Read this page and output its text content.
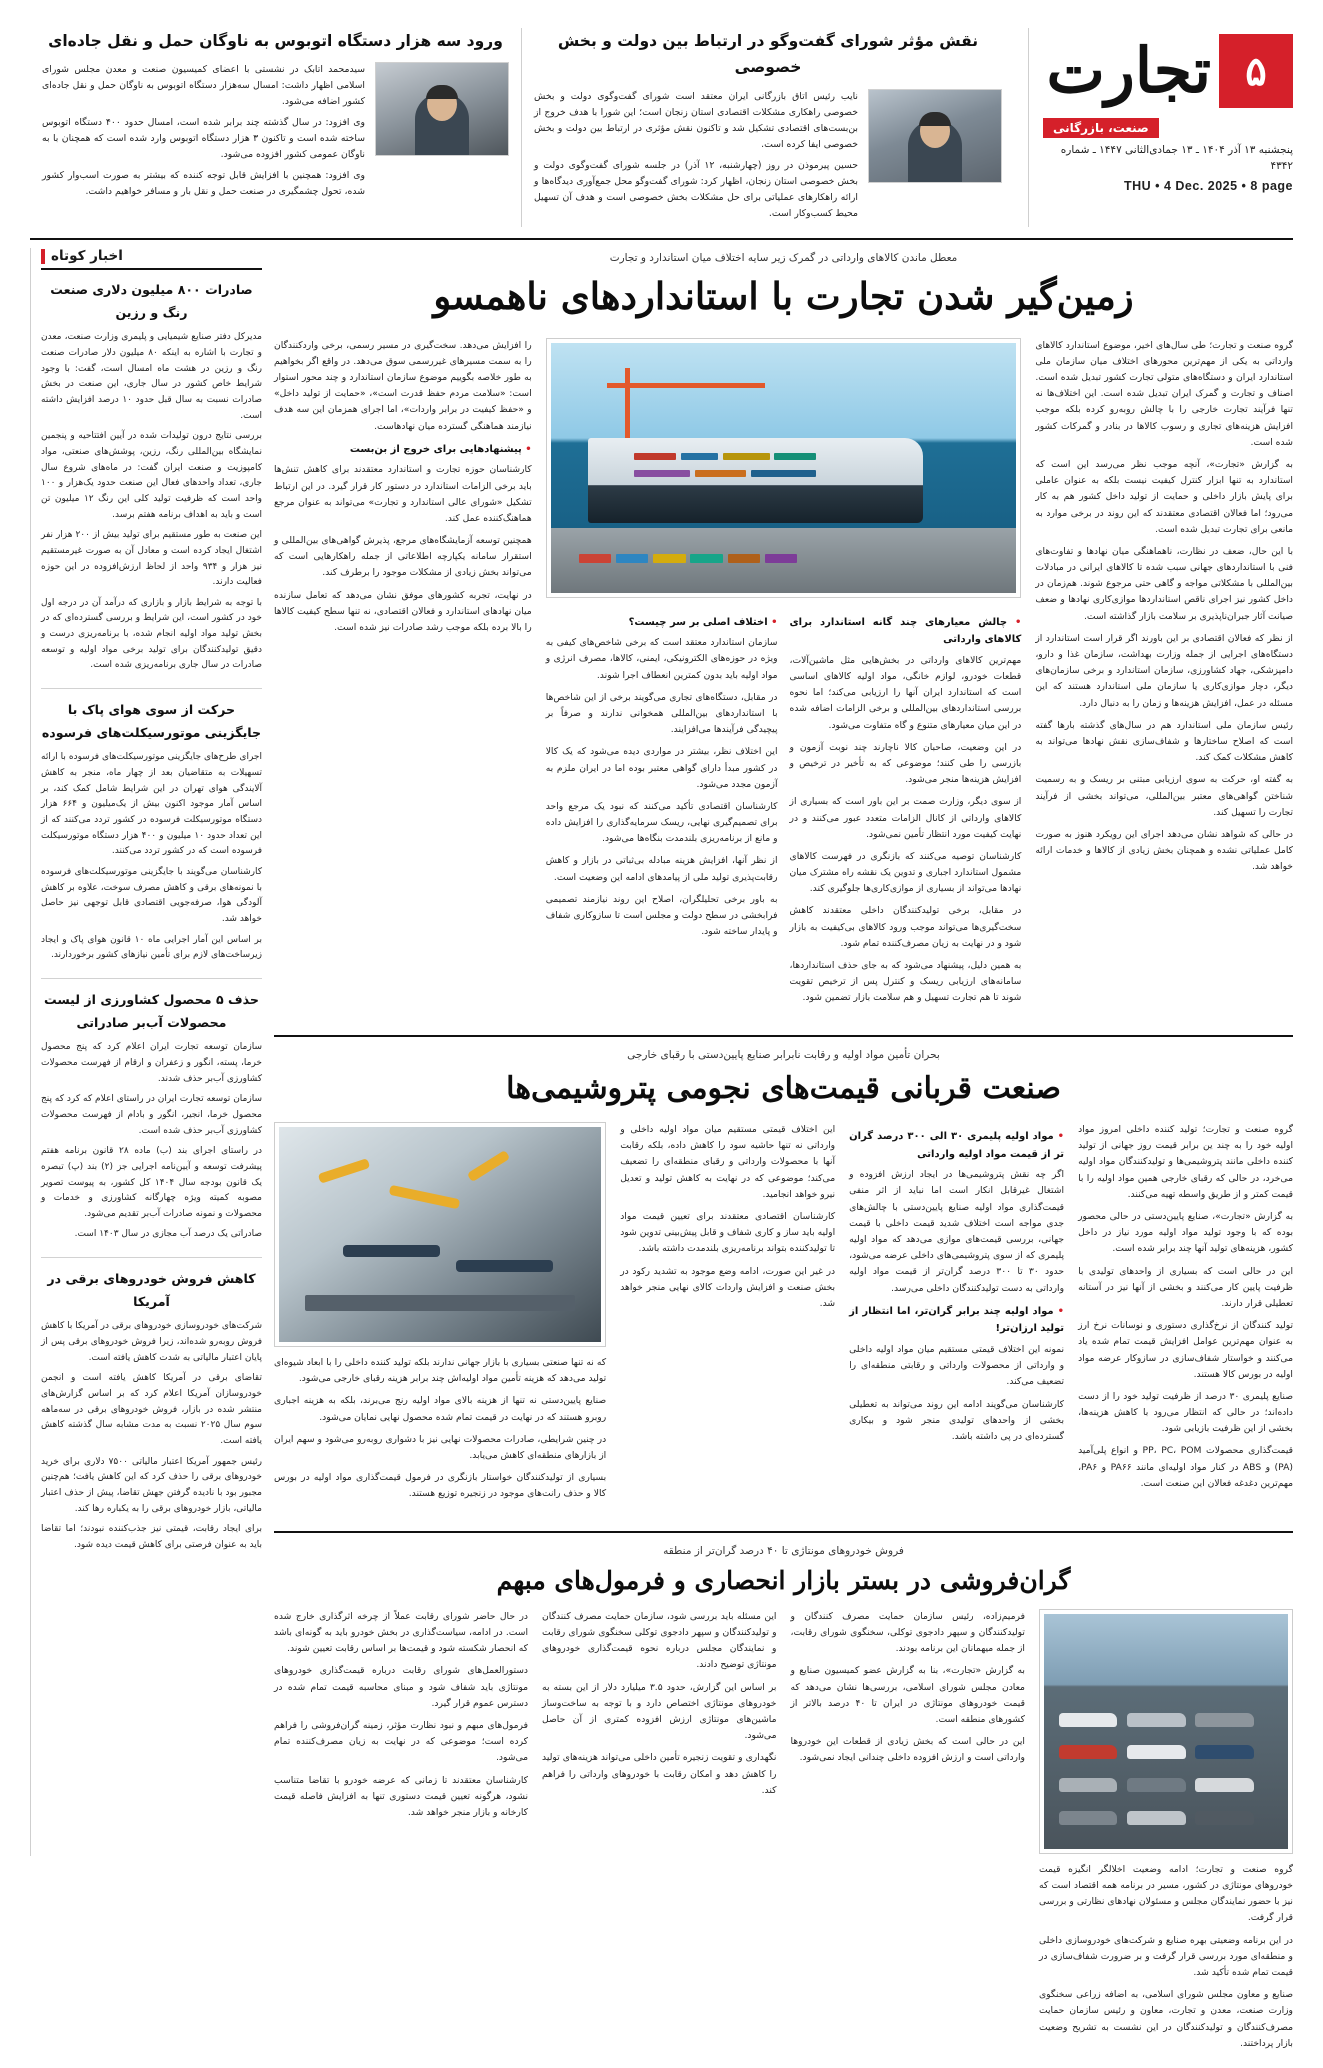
تجارت ۵
صنعت، بازرگانی
پنجشنبه ۱۳ آذر ۱۴۰۴ ـ ۱۳ جمادی‌الثانی ۱۴۴۷ ـ شماره ۴۳۴۲
THU • 4 Dec. 2025 • 8 page
نقش مؤثر شورای گفت‌وگو در ارتباط بین دولت و بخش خصوصی

نایب رئیس اتاق بازرگانی ایران معتقد است شورای گفت‌وگوی دولت و بخش خصوصی راهکاری مشکلات اقتصادی استان زنجان است؛ این شورا با هدف خروج از بن‌بست‌های اقتصادی تشکیل شد و تاکنون نقش مؤثری در ارتباط بین دولت و بخش خصوصی ایفا کرده است.

حسین پیرموذن در روز (چهارشنبه، ۱۲ آذر) در جلسه شورای گفت‌وگوی دولت و بخش خصوصی استان زنجان، اظهار کرد: شورای گفت‌وگو محل جمع‌آوری دیدگاه‌ها و ارائه راهکارهای عملیاتی برای حل مشکلات بخش خصوصی است و هدف آن تسهیل محیط کسب‌وکار است.

ورود سه هزار دستگاه اتوبوس به ناوگان حمل و نقل جاده‌ای

سیدمحمد اتابک در نشستی با اعضای کمیسیون صنعت و معدن مجلس شورای اسلامی اظهار داشت: امسال سه‌هزار دستگاه اتوبوس به ناوگان حمل و نقل جاده‌ای کشور اضافه می‌شود.

وی افزود: در سال گذشته چند برابر شده است، امسال حدود ۴۰۰ دستگاه اتوبوس ساخته شده است و تاکنون ۳ هزار دستگاه اتوبوس وارد شده است که همچنان با به ناوگان عمومی کشور افزوده می‌شود.

وی افزود: همچنین با افزایش قابل توجه کننده که بیشتر به صورت اسب‌وار کشور شده، تحول چشمگیری در صنعت حمل و نقل بار و مسافر خواهیم داشت.

اخبار کوتاه
صادرات ۸۰۰ میلیون دلاری صنعت رنگ و رزین

مدیرکل دفتر صنایع شیمیایی و پلیمری وزارت صنعت، معدن و تجارت با اشاره به اینکه ۸۰ میلیون دلار صادرات صنعت رنگ و رزین در هشت ماه امسال است، گفت: با وجود شرایط خاص کشور در سال جاری، این صنعت در بخش صادرات نسبت به سال قبل حدود ۱۰ درصد افزایش داشته است.

بررسی نتایج درون تولیدات شده در آیین افتتاحیه و پنجمین نمایشگاه بین‌المللی رنگ، رزین، پوشش‌های صنعتی، مواد کامپوزیت و صنعت ایران گفت: در ماه‌های شروع سال جاری، تعداد واحدهای فعال این صنعت حدود یک‌هزار و ۱۰۰ واحد است که ظرفیت تولید کلی این رنگ ۱۲ میلیون تن است و باید به اهداف برنامه هفتم برسد.

این صنعت به طور مستقیم برای تولید بیش از ۲۰۰ هزار نفر اشتغال ایجاد کرده است و معادل آن به صورت غیرمستقیم نیز هزار و ۹۳۴ واحد از لحاظ ارزش‌افزوده در این حوزه فعالیت دارند.

با توجه به شرایط بازار و بازاری که درآمد آن در درجه اول خود در کشور است، این شرایط و بررسی گسترده‌ای که در بخش تولید مواد اولیه انجام شده، با برنامه‌ریزی درست و دقیق تولیدکنندگان برای تولید برخی مواد اولیه و توسعه صادرات در سال جاری برنامه‌ریزی شده است.

حرکت از سوی هوای پاک با جایگزینی موتورسیکلت‌های فرسوده

اجرای طرح‌های جایگزینی موتورسیکلت‌های فرسوده با ارائه تسهیلات به متقاضیان بعد از چهار ماه، منجر به کاهش آلایندگی هوای تهران در این شرایط شامل کمک کند، بر اساس آمار موجود اکنون بیش از یک‌میلیون و ۶۶۴ هزار دستگاه موتورسیکلت فرسوده در کشور تردد می‌کنند که از این تعداد حدود ۱۰ میلیون و ۴۰۰ هزار دستگاه موتورسیکلت فرسوده است که در کشور تردد می‌کنند.

کارشناسان می‌گویند با جایگزینی موتورسیکلت‌های فرسوده با نمونه‌های برقی و کاهش مصرف سوخت، علاوه بر کاهش آلودگی هوا، صرفه‌جویی اقتصادی قابل توجهی نیز حاصل خواهد شد.

بر اساس این آمار اجرایی ماه ۱۰ قانون هوای پاک و ایجاد زیرساخت‌های لازم برای تأمین نیازهای کشور برخوردارند.

حذف ۵ محصول کشاورزی از لیست محصولات آب‌بر صادراتی

سازمان توسعه تجارت ایران اعلام کرد که پنج محصول خرما، پسته، انگور و زعفران و ارقام از فهرست محصولات کشاورزی آب‌بر حذف شدند.

سازمان توسعه تجارت ایران در راستای اعلام که کرد که پنج محصول خرما، انجیر، انگور و بادام از فهرست محصولات کشاورزی آب‌بر حذف شده است.

در راستای اجرای بند (ب) ماده ۲۸ قانون برنامه هفتم پیشرفت توسعه و آیین‌نامه اجرایی جز (۲) بند (پ) تبصره یک قانون بودجه سال ۱۴۰۴ کل کشور، به پیوست تصویر مصوبه کمیته ویژه چهارگانه کشاورزی و خدمات و محصولات و نمونه صادرات آب‌بر تقدیم می‌شود.

صادراتی یک درصد آب مجازی در سال ۱۴۰۳ است.

کاهش فروش خودروهای برقی در آمریکا

شرکت‌های خودروسازی خودروهای برقی در آمریکا با کاهش فروش روبه‌رو شده‌اند، زیرا فروش خودروهای برقی پس از پایان اعتبار مالیاتی به شدت کاهش یافته است.

تقاضای برقی در آمریکا کاهش یافته است و انجمن خودروسازان آمریکا اعلام کرد که بر اساس گزارش‌های منتشر شده در بازار، فروش خودروهای برقی در سه‌ماهه سوم سال ۲۰۲۵ نسبت به مدت مشابه سال گذشته کاهش یافته است.

رئیس جمهور آمریکا اعتبار مالیاتی ۷۵۰۰ دلاری برای خرید خودروهای برقی را حذف کرد که این کاهش یافت؛ هم‌چنین مجبور بود با نادیده گرفتن جهش تقاضا، پیش از حذف اعتبار مالیاتی، بازار خودروهای برقی را به یکباره رها کند.

برای ایجاد رقابت، قیمتی نیز جذب‌کننده نبودند؛ اما تقاضا باید به عنوان فرصتی برای کاهش قیمت دیده شود.

معطل ماندن کالاهای وارداتی در گمرک زیر سایه اختلاف میان استاندارد و تجارت
زمین‌گیر شدن تجارت با استانداردهای ناهمسو

گروه صنعت و تجارت؛ طی سال‌های اخیر، موضوع استاندارد کالاهای وارداتی به یکی از مهم‌ترین محورهای اختلاف میان سازمان ملی استاندارد ایران و دستگاه‌های متولی تجارت کشور تبدیل شده است. اصناف و تجارت و گمرک ایران تبدیل شده است. این اختلاف‌ها نه تنها فرآیند تجارت خارجی را با چالش روبه‌رو کرده بلکه موجب افزایش هزینه‌های تجاری و رسوب کالاها در بنادر و گمرکات کشور شده است.

به گزارش «تجارت»، آنچه موجب نظر می‌رسد این است که استاندارد به تنها ابزار کنترل کیفیت نیست بلکه به عنوان عاملی برای پایش بازار داخلی و حمایت از تولید داخل کشور هم به کار می‌رود؛ اما فعالان اقتصادی معتقدند که این روند در برخی موارد به مانعی برای تجارت تبدیل شده است.

با این حال، ضعف در نظارت، ناهماهنگی میان نهادها و تفاوت‌های فنی با استانداردهای جهانی سبب شده تا کالاهای ایرانی در مبادلات بین‌المللی با مشکلاتی مواجه و گاهی حتی مرجوع شوند. هم‌زمان در داخل کشور نیز اجرای ناقص استانداردها موازی‌کاری نهادها و ضعف صیانت آثار جبران‌ناپذیری بر سلامت بازار گذاشته است.

از نظر که فعالان اقتصادی بر این باورند اگر قرار است استاندارد از دستگاه‌های اجرایی از جمله وزارت بهداشت، سازمان غذا و دارو، دامپزشکی، جهاد کشاورزی، سازمان استاندارد و برخی سازمان‌های دیگر، دچار موازی‌کاری یا سازمان ملی استاندارد هستند که این مسئله در عمل، افزایش هزینه‌ها و زمان را به دنبال دارد.

رئیس سازمان ملی استاندارد هم در سال‌های گذشته بارها گفته است که اصلاح ساختارها و شفاف‌سازی نقش نهادها می‌تواند به کاهش مشکلات کمک کند.

به گفته او، حرکت به سوی ارزیابی مبتنی بر ریسک و به رسمیت شناختن گواهی‌های معتبر بین‌المللی، می‌تواند بخشی از فرآیند تجارت را تسهیل کند.

در حالی که شواهد نشان می‌دهد اجرای این رویکرد هنوز به صورت کامل عملیاتی نشده و همچنان بخش زیادی از کالاها و خدمات ارائه خواهد شد.

• چالش معیارهای چند گانه استاندارد برای کالاهای وارداتی

مهم‌ترین کالاهای وارداتی در بخش‌هایی مثل ماشین‌آلات، قطعات خودرو، لوازم خانگی، مواد اولیه کالاهای اساسی است که استاندارد ایران آنها را ارزیابی می‌کند؛ اما نحوه بررسی استانداردهای بین‌المللی و برخی الزامات اضافه شده در این میان معیارهای متنوع و گاه متفاوت می‌شود.

در این وضعیت، صاحبان کالا ناچارند چند نوبت آزمون و بازرسی را طی کنند؛ موضوعی که به تأخیر در ترخیص و افزایش هزینه‌ها منجر می‌شود.

از سوی دیگر، وزارت صمت بر این باور است که بسیاری از کالاهای وارداتی از کانال الزامات متعدد عبور می‌کنند و در نهایت کیفیت مورد انتظار تأمین نمی‌شود.

کارشناسان توصیه می‌کنند که بازنگری در فهرست کالاهای مشمول استاندارد اجباری و تدوین یک نقشه راه مشترک میان نهادها می‌تواند از بسیاری از موازی‌کاری‌ها جلوگیری کند.

در مقابل، برخی تولیدکنندگان داخلی معتقدند کاهش سخت‌گیری‌ها می‌تواند موجب ورود کالاهای بی‌کیفیت به بازار شود و در نهایت به زیان مصرف‌کننده تمام شود.

به همین دلیل، پیشنهاد می‌شود که به جای حذف استانداردها، سامانه‌های ارزیابی ریسک و کنترل پس از ترخیص تقویت شوند تا هم تجارت تسهیل و هم سلامت بازار تضمین شود.

• اختلاف اصلی بر سر چیست؟

سازمان استاندارد معتقد است که برخی شاخص‌های کیفی به ویژه در حوزه‌های الکترونیکی، ایمنی، کالاها، مصرف انرژی و مواد اولیه باید بدون کمترین انعطاف اجرا شوند.

در مقابل، دستگاه‌های تجاری می‌گویند برخی از این شاخص‌ها با استانداردهای بین‌المللی همخوانی ندارند و صرفاً بر پیچیدگی فرآیندها می‌افزایند.

این اختلاف نظر، بیشتر در مواردی دیده می‌شود که یک کالا در کشور مبدأ دارای گواهی معتبر بوده اما در ایران ملزم به آزمون مجدد می‌شود.

کارشناسان اقتصادی تأکید می‌کنند که نبود یک مرجع واحد برای تصمیم‌گیری نهایی، ریسک سرمایه‌گذاری را افزایش داده و مانع از برنامه‌ریزی بلندمدت بنگاه‌ها می‌شود.

از نظر آنها، افزایش هزینه مبادله بی‌ثباتی در بازار و کاهش رقابت‌پذیری تولید ملی از پیامدهای ادامه این وضعیت است.

به باور برخی تحلیلگران، اصلاح این روند نیازمند تصمیمی فرابخشی در سطح دولت و مجلس است تا سازوکاری شفاف و پایدار ساخته شود.

را افزایش می‌دهد. سخت‌گیری در مسیر رسمی، برخی واردکنندگان را به سمت مسیرهای غیررسمی سوق می‌دهد. در واقع اگر بخواهیم به طور خلاصه بگوییم موضوع سازمان استاندارد و چند محور استوار است: «سلامت مردم حفظ قدرت است»، «حمایت از تولید داخل» و «حفظ کیفیت در برابر واردات»، اما اجرای همزمان این سه هدف نیازمند هماهنگی گسترده میان نهادهاست.

• پیشنهادهایی برای خروج از بن‌بست

کارشناسان حوزه تجارت و استاندارد معتقدند برای کاهش تنش‌ها باید برخی الزامات استاندارد در دستور کار قرار گیرد. در این ارتباط تشکیل «شورای عالی استاندارد و تجارت» می‌تواند به عنوان مرجع هماهنگ‌کننده عمل کند.

همچنین توسعه آزمایشگاه‌های مرجع، پذیرش گواهی‌های بین‌المللی و استقرار سامانه یکپارچه اطلاعاتی از جمله راهکارهایی است که می‌تواند بخش زیادی از مشکلات موجود را برطرف کند.

در نهایت، تجربه کشورهای موفق نشان می‌دهد که تعامل سازنده میان نهادهای استاندارد و فعالان اقتصادی، نه تنها سطح کیفیت کالاها را بالا برده بلکه موجب رشد صادرات نیز شده است.

بحران تأمین مواد اولیه و رقابت نابرابر صنایع پایین‌دستی با رقبای خارجی
صنعت قربانی قیمت‌های نجومی پتروشیمی‌ها

گروه صنعت و تجارت؛ تولید کننده داخلی امروز مواد اولیه خود را به چند ین برابر قیمت روز جهانی از تولید کننده داخلی مانند پتروشیمی‌ها و تولیدکنندگان مواد اولیه می‌خرد، در حالی که رقبای خارجی همین مواد اولیه را با قیمت کمتر و از طریق واسطه تهیه می‌کنند.

به گزارش «تجارت»، صنایع پایین‌دستی در حالی محصور بوده که با وجود تولید مواد اولیه مورد نیاز در داخل کشور، هزینه‌های تولید آنها چند برابر شده است.

این در حالی است که بسیاری از واحدهای تولیدی با ظرفیت پایین کار می‌کنند و بخشی از آنها نیز در آستانه تعطیلی قرار دارند.

تولید کنندگان از نرخ‌گذاری دستوری و نوسانات نرخ ارز به عنوان مهم‌ترین عوامل افزایش قیمت تمام شده یاد می‌کنند و خواستار شفاف‌سازی در سازوکار عرضه مواد اولیه در بورس کالا هستند.

صنایع پلیمری ۳۰ درصد از ظرفیت تولید خود را از دست داده‌اند؛ در حالی که انتظار می‌رود با کاهش هزینه‌ها، بخشی از این ظرفیت بازیابی شود.

قیمت‌گذاری محصولات PP، PC، POM و انواع پلی‌آمید (PA) و ABS در کنار مواد اولیه‌ای مانند PA۶۶ و PA۶، مهم‌ترین دغدغه فعالان این صنعت است.

• مواد اولیه پلیمری ۳۰ الی ۳۰۰ درصد گران تر از قیمت مواد اولیه وارداتی

اگر چه نقش پتروشیمی‌ها در ایجاد ارزش افزوده و اشتغال غیرقابل انکار است اما نباید از اثر منفی قیمت‌گذاری مواد اولیه صنایع پایین‌دستی با چالش‌های جدی مواجه است اختلاف شدید قیمت داخلی با قیمت جهانی، بررسی قیمت‌های موازی می‌دهد که مواد اولیه پلیمری که از سوی پتروشیمی‌های داخلی عرضه می‌شود، حدود ۳۰ تا ۳۰۰ درصد گران‌تر از قیمت مواد اولیه وارداتی به دست تولیدکنندگان داخلی می‌رسد.

• مواد اولیه چند برابر گران‌تر، اما انتظار از تولید ارزان‌تر!

نمونه این اختلاف قیمتی مستقیم میان مواد اولیه داخلی و وارداتی از محصولات وارداتی و رقابتی منطقه‌ای را تضعیف می‌کند.

کارشناسان می‌گویند ادامه این روند می‌تواند به تعطیلی بخشی از واحدهای تولیدی منجر شود و بیکاری گسترده‌ای در پی داشته باشد.

این اختلاف قیمتی مستقیم میان مواد اولیه داخلی و وارداتی نه تنها حاشیه سود را کاهش داده، بلکه رقابت آنها با محصولات وارداتی و رقبای منطقه‌ای را تضعیف می‌کند؛ موضوعی که در نهایت به کاهش تولید و تعدیل نیرو خواهد انجامید.

کارشناسان اقتصادی معتقدند برای تعیین قیمت مواد اولیه باید ساز و کاری شفاف و قابل پیش‌بینی تدوین شود تا تولیدکننده بتواند برنامه‌ریزی بلندمدت داشته باشد.

در غیر این صورت، ادامه وضع موجود به تشدید رکود در بخش صنعت و افزایش واردات کالای نهایی منجر خواهد شد.

که نه تنها صنعتی بسیاری با بازار جهانی ندارند بلکه تولید کننده داخلی را با ابعاد شیوه‌ای تولید می‌دهد که هزینه تأمین مواد اولیه‌اش چند برابر هزینه رقبای خارجی می‌شود.

صنایع پایین‌دستی نه تنها از هزینه بالای مواد اولیه رنج می‌برند، بلکه به هزینه اجباری روبرو هستند که در نهایت در قیمت تمام شده محصول نهایی نمایان می‌شود.

در چنین شرایطی، صادرات محصولات نهایی نیز با دشواری روبه‌رو می‌شود و سهم ایران از بازارهای منطقه‌ای کاهش می‌یابد.

بسیاری از تولیدکنندگان خواستار بازنگری در فرمول قیمت‌گذاری مواد اولیه در بورس کالا و حذف رانت‌های موجود در زنجیره توزیع هستند.

فروش خودروهای مونتاژی تا ۴۰ درصد گران‌تر از منطقه
گران‌فروشی در بستر بازار انحصاری و فرمول‌های مبهم

گروه صنعت و تجارت؛ ادامه وضعیت اخلالگر انگیزه قیمت خودروهای مونتاژی در کشور، مسیر در برنامه همه اقتصاد است که نیز با حضور نمایندگان مجلس و مسئولان نهادهای نظارتی و بررسی قرار گرفت.

در این برنامه وضعیتی بهره صنایع و شرکت‌های خودروسازی داخلی و منطقه‌ای مورد بررسی قرار گرفت و بر ضرورت شفاف‌سازی در قیمت تمام شده تأکید شد.

صنایع و معاون مجلس شورای اسلامی، به اضافه زراعی سخنگوی وزارت صنعت، معدن و تجارت، معاون و رئیس سازمان حمایت مصرف‌کنندگان و تولیدکنندگان در این نشست به تشریح وضعیت بازار پرداختند.

فرمیم‌زاده، رئیس سازمان حمایت مصرف کنندگان و تولیدکنندگان و سپهر دادجوی توکلی، سخنگوی شورای رقابت، از جمله میهمانان این برنامه بودند.

به گزارش «تجارت»، بنا به گزارش عضو کمیسیون صنایع و معادن مجلس شورای اسلامی، بررسی‌ها نشان می‌دهد که قیمت خودروهای مونتاژی در ایران تا ۴۰ درصد بالاتر از کشورهای منطقه است.

این در حالی است که بخش زیادی از قطعات این خودروها وارداتی است و ارزش افزوده داخلی چندانی ایجاد نمی‌شود.

این مسئله باید بررسی شود، سازمان حمایت مصرف کنندگان و تولیدکنندگان و سپهر دادجوی توکلی سخنگوی شورای رقابت و نمایندگان مجلس درباره نحوه قیمت‌گذاری خودروهای مونتاژی توضیح دادند.

بر اساس این گزارش، حدود ۳.۵ میلیارد دلار از این بسته به خودروهای مونتاژی اختصاص دارد و با توجه به ساخت‌وساز ماشین‌های مونتاژی ارزش افزوده کمتری از آن حاصل می‌شود.

نگهداری و تقویت زنجیره تأمین داخلی می‌تواند هزینه‌های تولید را کاهش دهد و امکان رقابت با خودروهای وارداتی را فراهم کند.

در حال حاضر شورای رقابت عملاً از چرخه اثرگذاری خارج شده است. در ادامه، سیاست‌گذاری در بخش خودرو باید به گونه‌ای باشد که انحصار شکسته شود و قیمت‌ها بر اساس رقابت تعیین شوند.

دستورالعمل‌های شورای رقابت درباره قیمت‌گذاری خودروهای مونتاژی باید شفاف شود و مبنای محاسبه قیمت تمام شده در دسترس عموم قرار گیرد.

فرمول‌های مبهم و نبود نظارت مؤثر، زمینه گران‌فروشی را فراهم کرده است؛ موضوعی که در نهایت به زیان مصرف‌کننده تمام می‌شود.

کارشناسان معتقدند تا زمانی که عرضه خودرو با تقاضا متناسب نشود، هرگونه تعیین قیمت دستوری تنها به افزایش فاصله قیمت کارخانه و بازار منجر خواهد شد.
